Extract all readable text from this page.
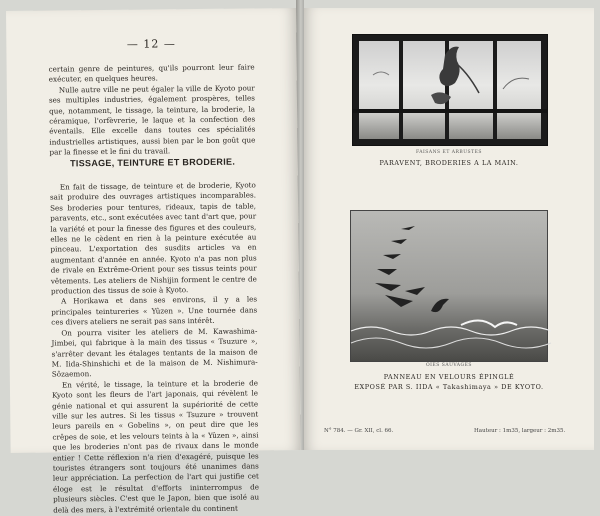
— 12 —

certain genre de peintures, qu'ils pourront leur faire exécuter, en quelques heures.

Nulle autre ville ne peut égaler la ville de Kyoto pour ses multiples industries, également prospères, telles que, notamment, le tissage, la teinture, la broderie, la céramique, l'orfèvrerie, le laque et la confection des éventails. Elle excelle dans toutes ces spécialités industrielles artistiques, aussi bien par le bon goût que par la finesse et le fini du travail.

TISSAGE, TEINTURE ET BRODERIE.

En fait de tissage, de teinture et de broderie, Kyoto sait produire des ouvrages artistiques incomparables. Ses broderies pour tentures, rideaux, tapis de table, paravents, etc., sont exécutées avec tant d'art que, pour la variété et pour la finesse des figures et des couleurs, elles ne le cèdent en rien à la peinture exécutée au pinceau. L'exportation des susdits articles va en augmentant d'année en année. Kyoto n'a pas non plus de rivale en Extrême-Orient pour ses tissus teints pour vêtements. Les ateliers de Nishijin forment le centre de production des tissus de soie à Kyoto.

A Horikawa et dans ses environs, il y a les principales teintureries « Yûzen ». Une tournée dans ces divers ateliers ne serait pas sans intérêt.

On pourra visiter les ateliers de M. Kawashima-Jimbei, qui fabrique à la main des tissus « Tsuzure », s'arrêter devant les étalages tentants de la maison de M. Iida-Shinshichi et de la maison de M. Nishimura-Sôzaemon.

En vérité, le tissage, la teinture et la broderie de Kyoto sont les fleurs de l'art japonais, qui révèlent le génie national et qui assurent la supériorité de cette ville sur les autres. Si les tissus « Tsuzure » trouvent leurs pareils en « Gobelins », on peut dire que les crêpes de soie, et les velours teints à la « Yûzen », ainsi que les broderies n'ont pas de rivaux dans le monde entier ! Cette réflexion n'a rien d'exagéré, puisque les touristes étrangers sont toujours été unanimes dans leur appréciation. La perfection de l'art qui justifie cet éloge est le résultat d'efforts ininterrompus de plusieurs siècles. C'est que le Japon, bien que isolé au delà des mers, à l'extrémité orientale du continent

FAISANS ET ARBUSTES
PARAVENT, BRODERIES A LA MAIN.
OIES SAUVAGES
PANNEAU EN VELOURS ÉPINGLÉ
EXPOSÉ PAR S. IIDA « Takashimaya » DE KYOTO.
N° 784. — Gr. XII, cl. 66.	Hauteur : 1m35, largeur : 2m35.
